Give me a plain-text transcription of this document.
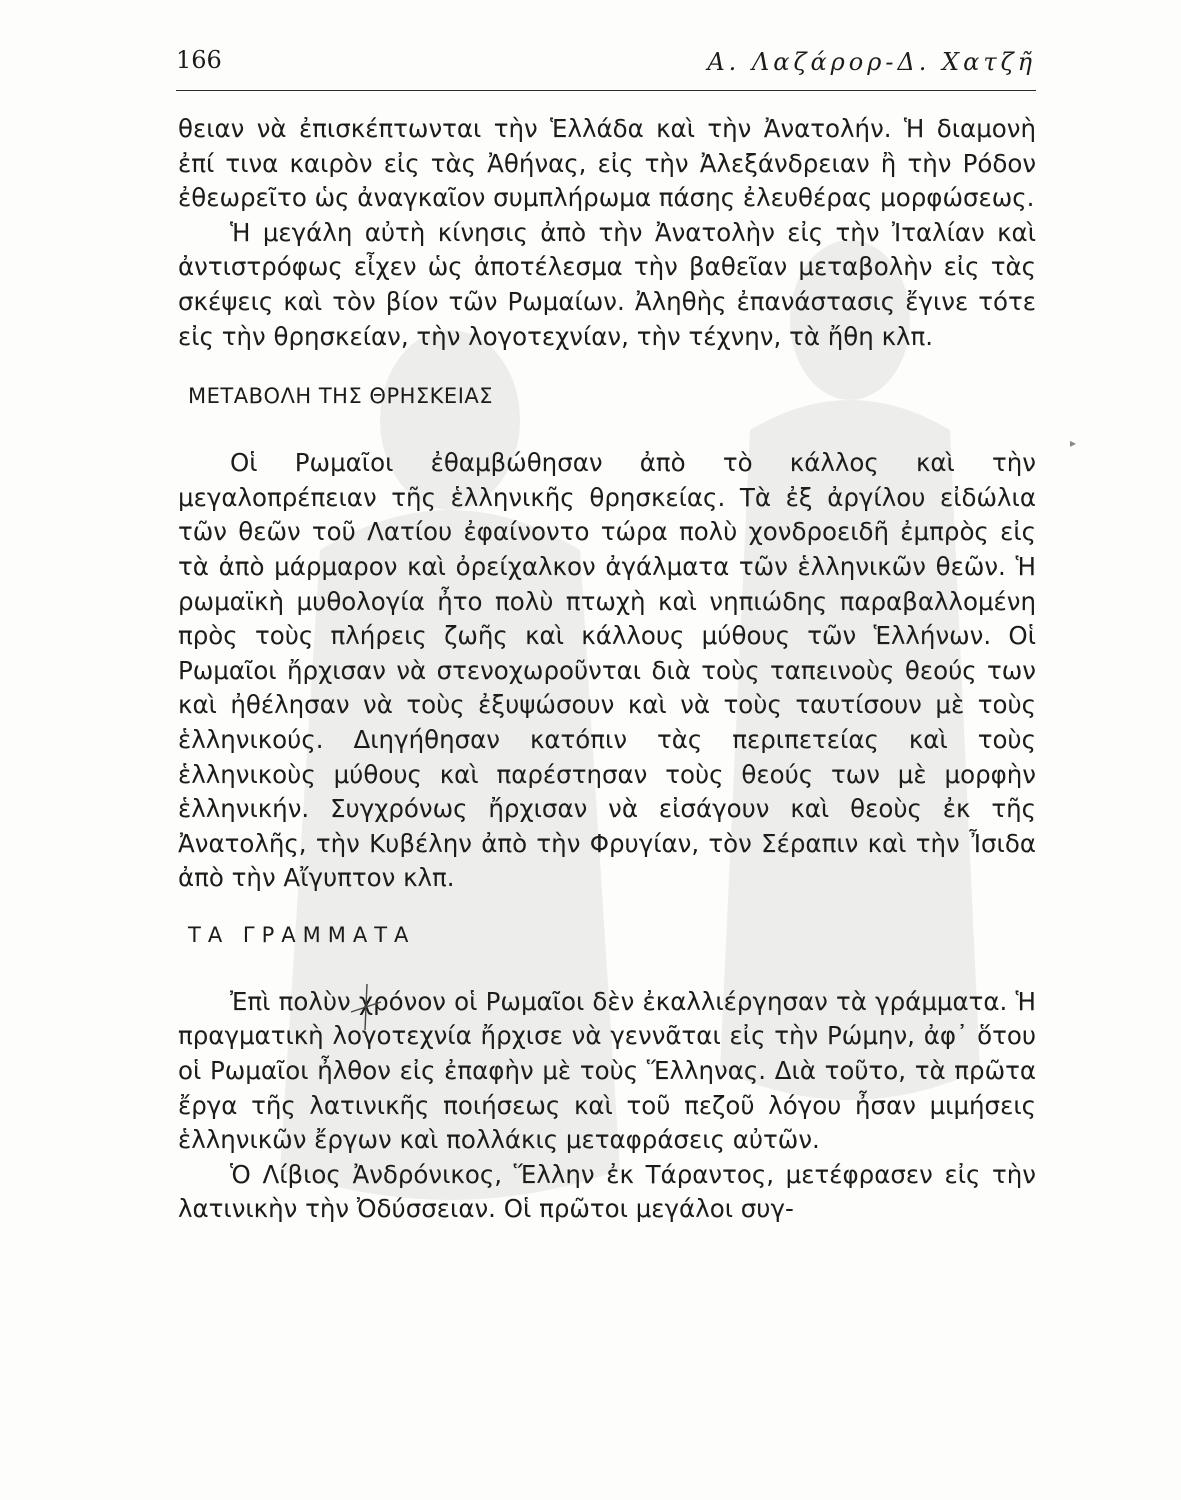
166	Α. Λαζάρορ-Δ. Χατζῆ

θειαν νὰ ἐπισκέπτωνται τὴν Ἑλλάδα καὶ τὴν Ἀνατολήν. Ἡ διαμονὴ ἐπί τινα καιρὸν εἰς τὰς Ἀθήνας, εἰς τὴν Ἀλεξάνδρειαν ἢ τὴν Ρόδον ἐθεωρεῖτο ὡς ἀναγκαῖον συμπλήρωμα πάσης ἐλευθέρας μορφώσεως.

Ἡ μεγάλη αὐτὴ κίνησις ἀπὸ τὴν Ἀνατολὴν εἰς τὴν Ἰταλίαν καὶ ἀντιστρόφως εἶχεν ὡς ἀποτέλεσμα τὴν βαθεῖαν μεταβολὴν εἰς τὰς σκέψεις καὶ τὸν βίον τῶν Ρωμαίων. Ἀληθὴς ἐπανάστασις ἔγινε τότε εἰς τὴν θρησκείαν, τὴν λογοτεχνίαν, τὴν τέχνην, τὰ ἤθη κλπ.

ΜΕΤΑΒΟΛΗ ΤΗΣ ΘΡΗΣΚΕΙΑΣ

Οἱ Ρωμαῖοι ἐθαμβώθησαν ἀπὸ τὸ κάλλος καὶ τὴν μεγαλοπρέπειαν τῆς ἑλληνικῆς θρησκείας. Τὰ ἐξ ἀργίλου εἰδώλια τῶν θεῶν τοῦ Λατίου ἐφαίνοντο τώρα πολὺ χονδροειδῆ ἐμπρὸς εἰς τὰ ἀπὸ μάρμαρον καὶ ὀρείχαλκον ἀγάλματα τῶν ἑλληνικῶν θεῶν. Ἡ ρωμαϊκὴ μυθολογία ἦτο πολὺ πτωχὴ καὶ νηπιώδης παραβαλλομένη πρὸς τοὺς πλήρεις ζωῆς καὶ κάλλους μύθους τῶν Ἑλλήνων. Οἱ Ρωμαῖοι ἤρχισαν νὰ στενοχωροῦνται διὰ τοὺς ταπεινοὺς θεούς των καὶ ἠθέλησαν νὰ τοὺς ἐξυψώσουν καὶ νὰ τοὺς ταυτίσουν μὲ τοὺς ἑλληνικούς. Διηγήθησαν κατόπιν τὰς περιπετείας καὶ τοὺς ἑλληνικοὺς μύθους καὶ παρέστησαν τοὺς θεούς των μὲ μορφὴν ἑλληνικήν. Συγχρόνως ἤρχισαν νὰ εἰσάγουν καὶ θεοὺς ἐκ τῆς Ἀνατολῆς, τὴν Κυβέλην ἀπὸ τὴν Φρυγίαν, τὸν Σέραπιν καὶ τὴν Ἶσιδα ἀπὸ τὴν Αἴγυπτον κλπ.

ΤΑ ΓΡΑΜΜΑΤΑ

Ἐπὶ πολὺν χρόνον οἱ Ρωμαῖοι δὲν ἐκαλλιέργησαν τὰ γράμματα. Ἡ πραγματικὴ λογοτεχνία ἤρχισε νὰ γεννᾶται εἰς τὴν Ρώμην, ἀφ᾽ ὅτου οἱ Ρωμαῖοι ἦλθον εἰς ἐπαφὴν μὲ τοὺς Ἕλληνας. Διὰ τοῦτο, τὰ πρῶτα ἔργα τῆς λατινικῆς ποιήσεως καὶ τοῦ πεζοῦ λόγου ἦσαν μιμήσεις ἑλληνικῶν ἔργων καὶ πολλάκις μεταφράσεις αὐτῶν.

Ὁ Λίβιος Ἀνδρόνικος, Ἕλλην ἐκ Τάραντος, μετέφρασεν εἰς τὴν λατινικὴν τὴν Ὀδύσσειαν. Οἱ πρῶτοι μεγάλοι συγ-

▸
